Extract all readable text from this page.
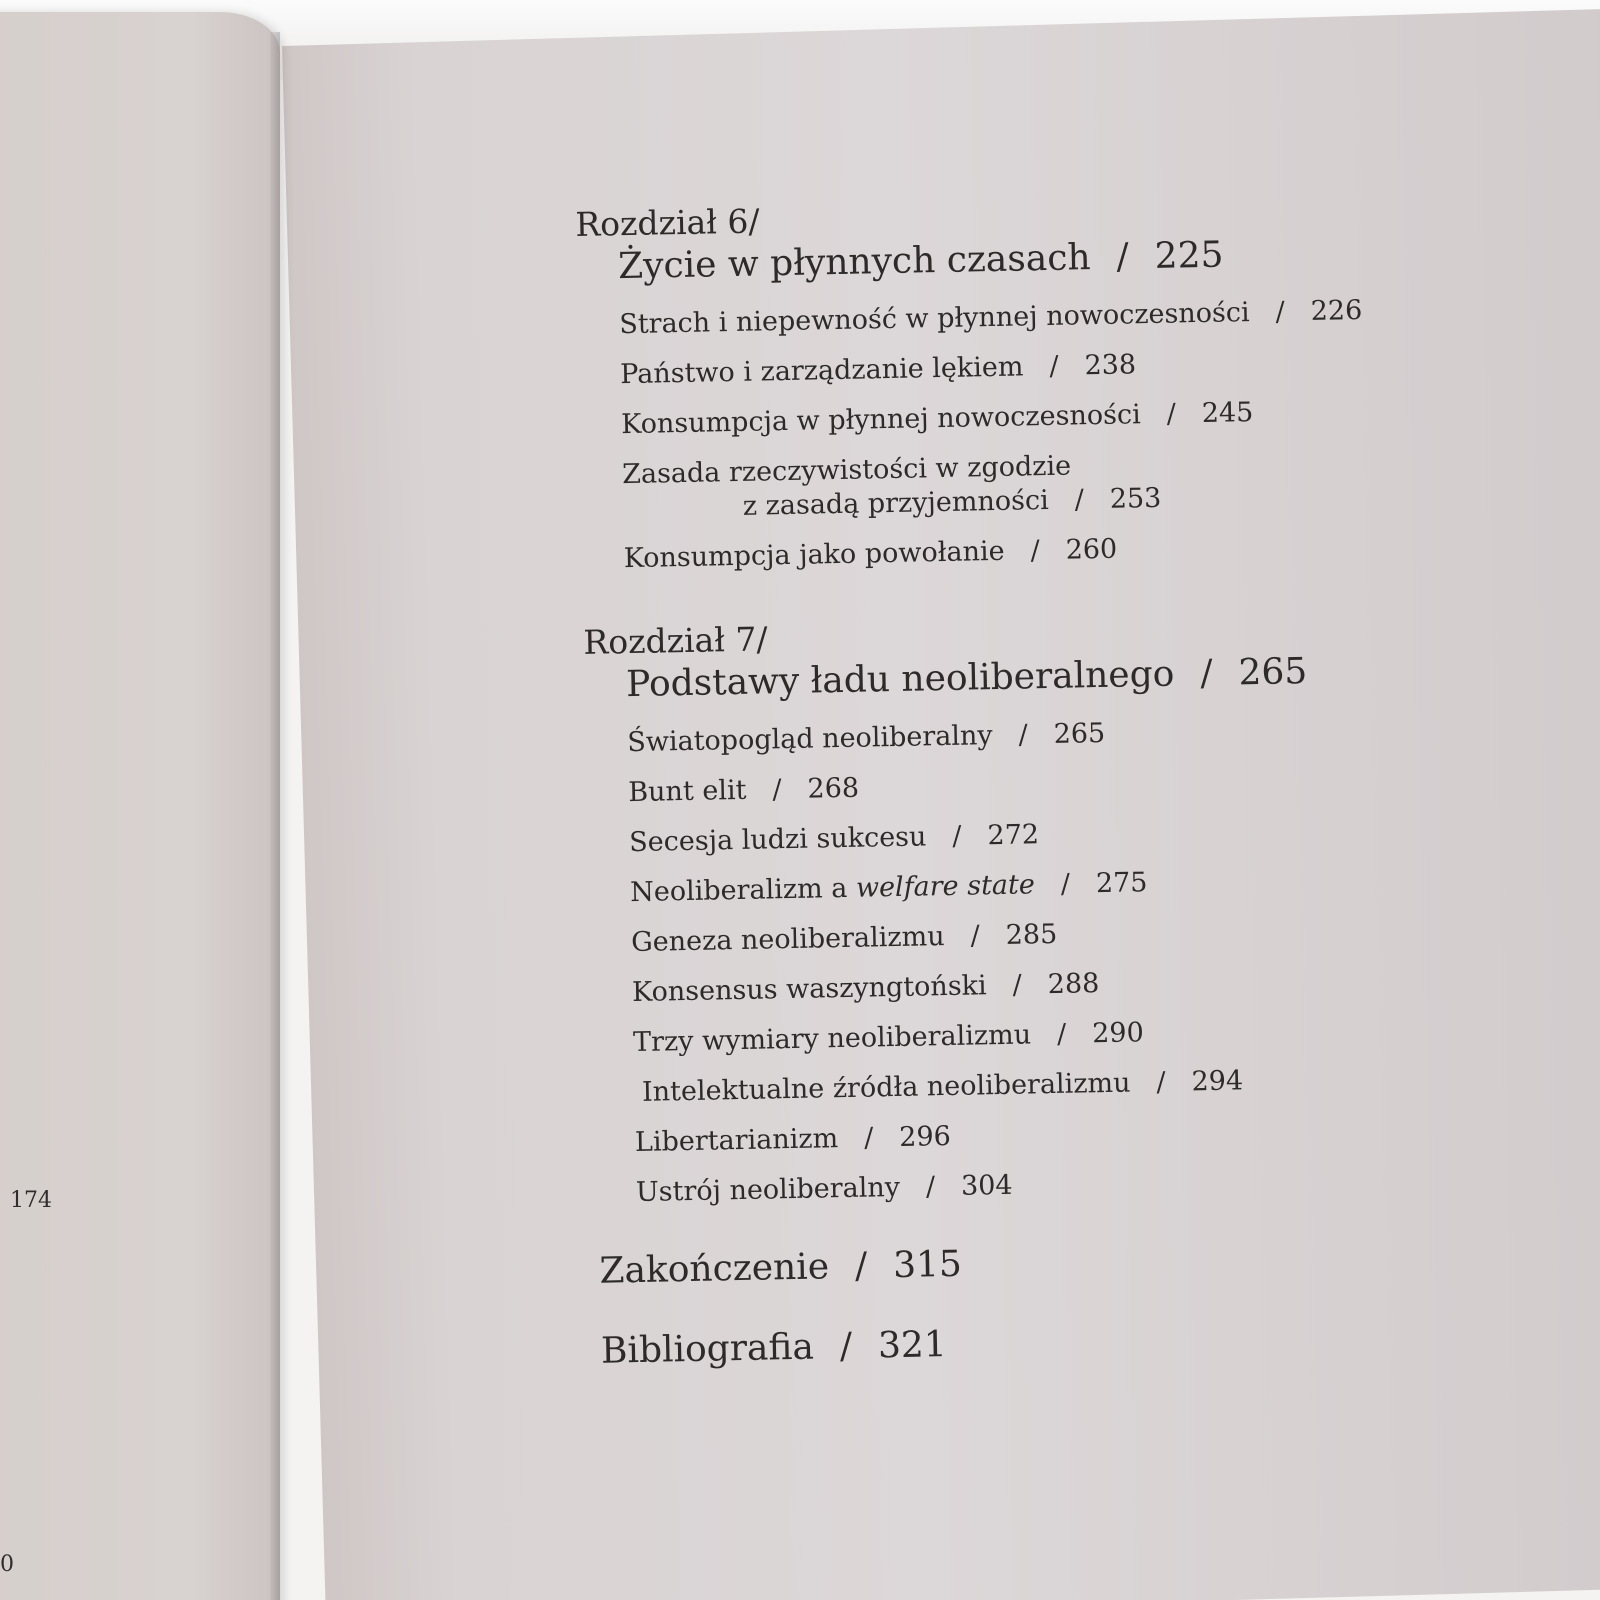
174
0

Rozdział 6/

Życie w płynnych czasach / 225

Strach i niepewność w płynnej nowoczesności / 226

Państwo i zarządzanie lękiem / 238

Konsumpcja w płynnej nowoczesności / 245

Zasada rzeczywistości w zgodzie
z zasadą przyjemności / 253

Konsumpcja jako powołanie / 260

Rozdział 7/

Podstawy ładu neoliberalnego / 265

Światopogląd neoliberalny / 265

Bunt elit / 268

Secesja ludzi sukcesu / 272

Neoliberalizm a welfare state / 275

Geneza neoliberalizmu / 285

Konsensus waszyngtoński / 288

Trzy wymiary neoliberalizmu / 290

Intelektualne źródła neoliberalizmu / 294

Libertarianizm / 296

Ustrój neoliberalny / 304

Zakończenie / 315

Bibliografia / 321
